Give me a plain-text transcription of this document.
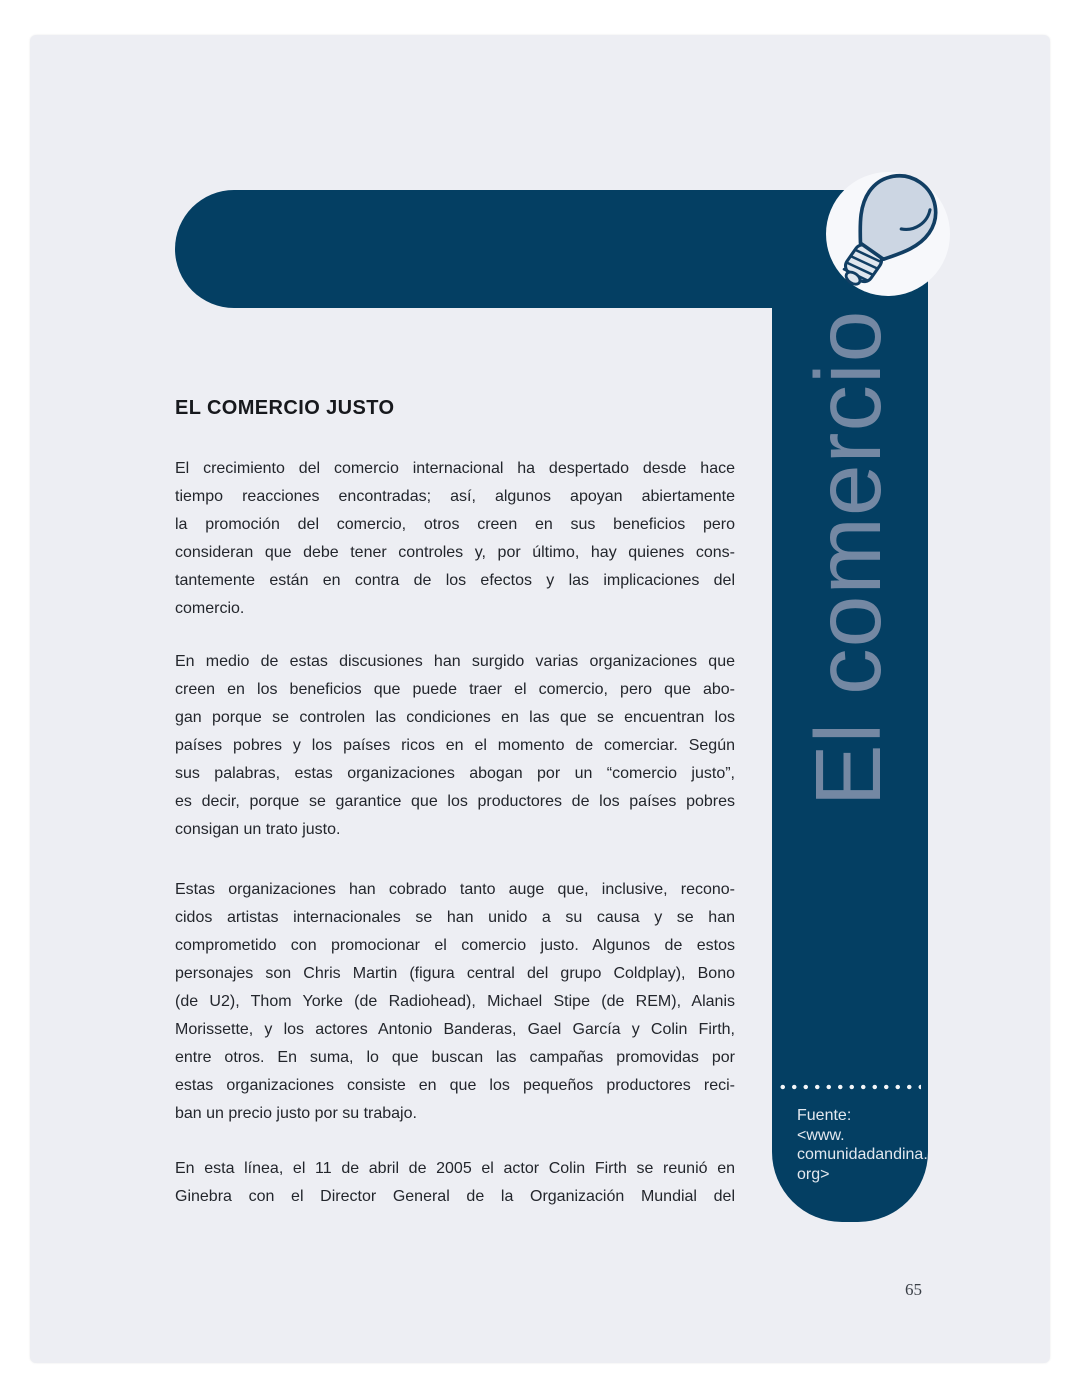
El comercio
EL COMERCIO JUSTO
El crecimiento del comercio internacional ha despertado desde hace
tiempo reacciones encontradas; así, algunos apoyan abiertamente
la promoción del comercio, otros creen en sus beneficios pero
consideran que debe tener controles y, por último, hay quienes cons-
tantemente están en contra de los efectos y las implicaciones del
comercio.
En medio de estas discusiones han surgido varias organizaciones que
creen en los beneficios que puede traer el comercio, pero que abo-
gan porque se controlen las condiciones en las que se encuentran los
países pobres y los países ricos en el momento de comerciar. Según
sus palabras, estas organizaciones abogan por un “comercio justo”,
es decir, porque se garantice que los productores de los países pobres
consigan un trato justo.
Estas organizaciones han cobrado tanto auge que, inclusive, recono-
cidos artistas internacionales se han unido a su causa y se han
comprometido con promocionar el comercio justo. Algunos de estos
personajes son Chris Martin (figura central del grupo Coldplay), Bono
(de U2), Thom Yorke (de Radiohead), Michael Stipe (de REM), Alanis
Morissette, y los actores Antonio Banderas, Gael García y Colin Firth,
entre otros. En suma, lo que buscan las campañas promovidas por
estas organizaciones consiste en que los pequeños productores reci-
ban un precio justo por su trabajo.
En esta línea, el 11 de abril de 2005 el actor Colin Firth se reunió en
Ginebra con el Director General de la Organización Mundial del
Fuente:
<www.
comunidadandina.
org>
65
